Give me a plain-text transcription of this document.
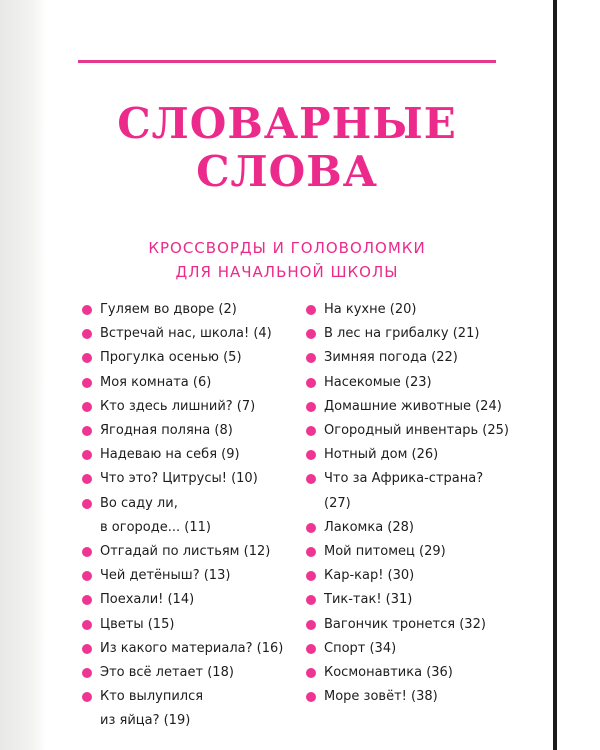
СЛОВАРНЫЕ
СЛОВА
КРОССВОРДЫ И ГОЛОВОЛОМКИ
ДЛЯ НАЧАЛЬНОЙ ШКОЛЫ
Гуляем во дворе (2)
Встречай нас, школа! (4)
Прогулка осенью (5)
Моя комната (6)
Кто здесь лишний? (7)
Ягодная поляна (8)
Надеваю на себя (9)
Что это? Цитрусы! (10)
Во саду ли,
в огороде... (11)
Отгадай по листьям (12)
Чей детёныш? (13)
Поехали! (14)
Цветы (15)
Из какого материала? (16)
Это всё летает (18)
Кто вылупился
из яйца? (19)
На кухне (20)
В лес на грибалку (21)
Зимняя погода (22)
Насекомые (23)
Домашние животные (24)
Огородный инвентарь (25)
Нотный дом (26)
Что за Африка-страна?
(27)
Лакомка (28)
Мой питомец (29)
Кар-кар! (30)
Тик-так! (31)
Вагончик тронется (32)
Спорт (34)
Космонавтика (36)
Море зовёт! (38)
